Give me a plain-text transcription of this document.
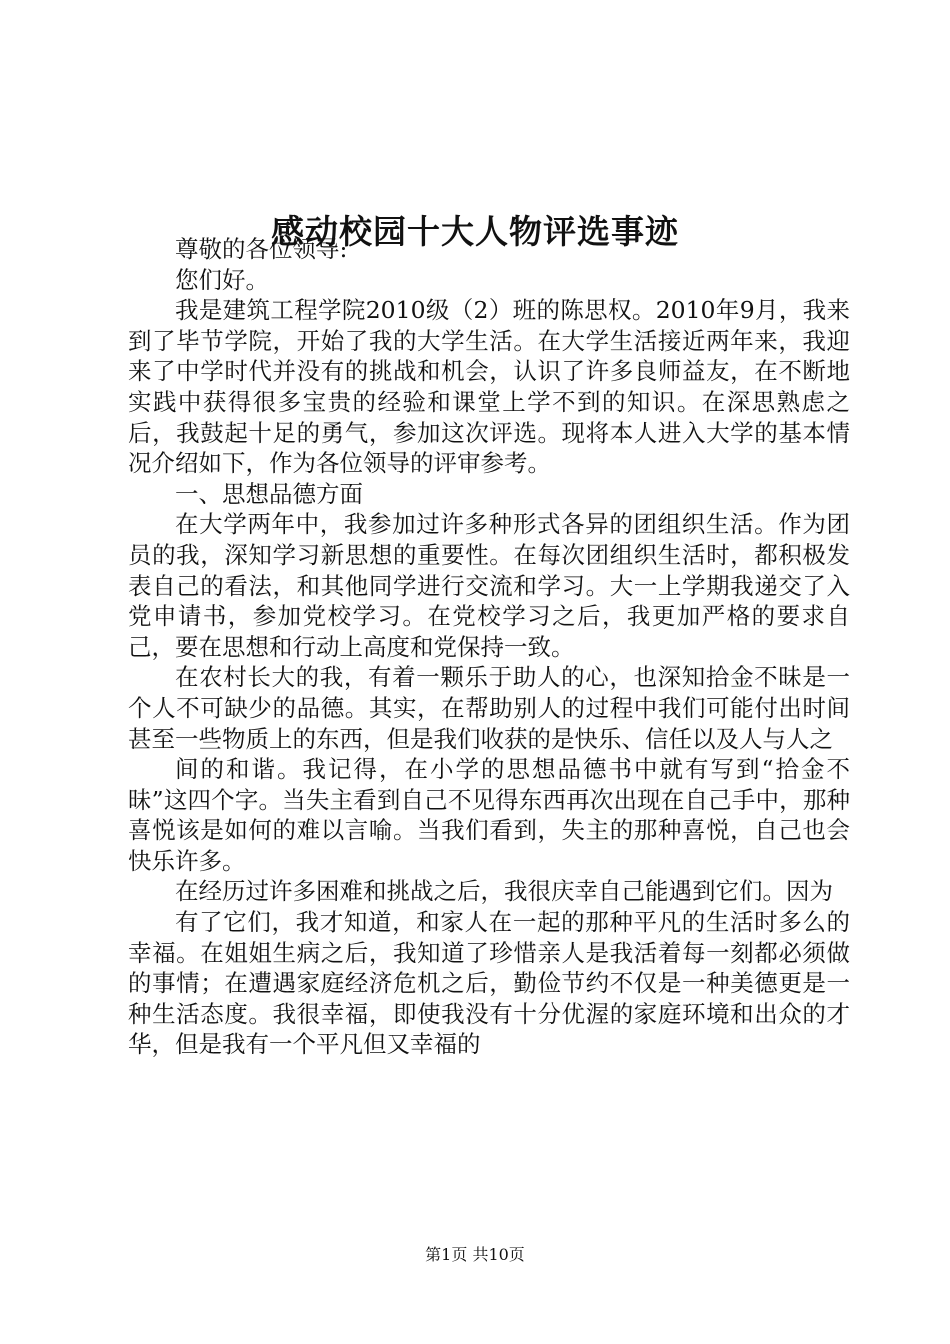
感动校园十大人物评选事迹

尊敬的各位领导:

您们好。

我是建筑工程学院2010级（2）班的陈思权。2010年9月，我来到了毕节学院，开始了我的大学生活。在大学生活接近两年来，我迎来了中学时代并没有的挑战和机会，认识了许多良师益友，在不断地实践中获得很多宝贵的经验和课堂上学不到的知识。在深思熟虑之后，我鼓起十足的勇气，参加这次评选。现将本人进入大学的基本情况介绍如下，作为各位领导的评审参考。

一、思想品德方面

在大学两年中，我参加过许多种形式各异的团组织生活。作为团员的我，深知学习新思想的重要性。在每次团组织生活时，都积极发表自己的看法，和其他同学进行交流和学习。大一上学期我递交了入党申请书，参加党校学习。在党校学习之后，我更加严格的要求自己，要在思想和行动上高度和党保持一致。

在农村长大的我，有着一颗乐于助人的心，也深知拾金不昧是一个人不可缺少的品德。其实，在帮助别人的过程中我们可能付出时间甚至一些物质上的东西，但是我们收获的是快乐、信任以及人与人之

间的和谐。我记得，在小学的思想品德书中就有写到“拾金不昧”这四个字。当失主看到自己不见得东西再次出现在自己手中，那种喜悦该是如何的难以言喻。当我们看到，失主的那种喜悦，自己也会快乐许多。

在经历过许多困难和挑战之后，我很庆幸自己能遇到它们。因为

有了它们，我才知道，和家人在一起的那种平凡的生活时多么的幸福。在姐姐生病之后，我知道了珍惜亲人是我活着每一刻都必须做的事情；在遭遇家庭经济危机之后，勤俭节约不仅是一种美德更是一种生活态度。我很幸福，即使我没有十分优渥的家庭环境和出众的才华，但是我有一个平凡但又幸福的

第1页 共10页
